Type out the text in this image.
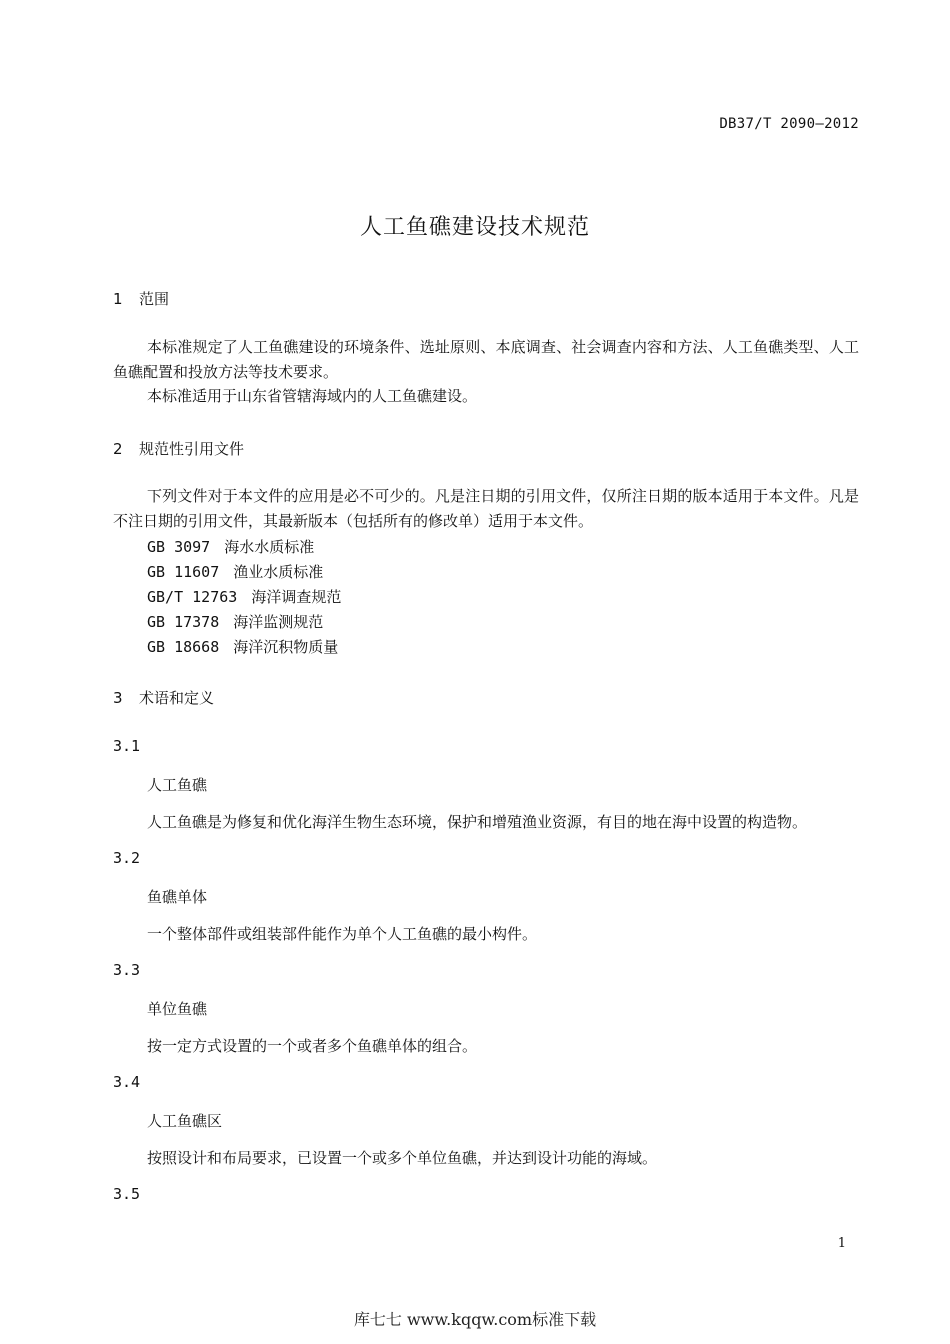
DB37/T 2090—2012
人工鱼礁建设技术规范
1 范围
本标准规定了人工鱼礁建设的环境条件、选址原则、本底调查、社会调查内容和方法、人工鱼礁类型、人工鱼礁配置和投放方法等技术要求。
本标准适用于山东省管辖海域内的人工鱼礁建设。
2 规范性引用文件
下列文件对于本文件的应用是必不可少的。凡是注日期的引用文件，仅所注日期的版本适用于本文件。凡是不注日期的引用文件，其最新版本（包括所有的修改单）适用于本文件。
GB 3097 海水水质标准
GB 11607 渔业水质标准
GB/T 12763 海洋调查规范
GB 17378 海洋监测规范
GB 18668 海洋沉积物质量
3 术语和定义
3.1
人工鱼礁
人工鱼礁是为修复和优化海洋生物生态环境，保护和增殖渔业资源，有目的地在海中设置的构造物。
3.2
鱼礁单体
一个整体部件或组装部件能作为单个人工鱼礁的最小构件。
3.3
单位鱼礁
按一定方式设置的一个或者多个鱼礁单体的组合。
3.4
人工鱼礁区
按照设计和布局要求，已设置一个或多个单位鱼礁，并达到设计功能的海域。
3.5
1
库七七 www.kqqw.com标准下载
